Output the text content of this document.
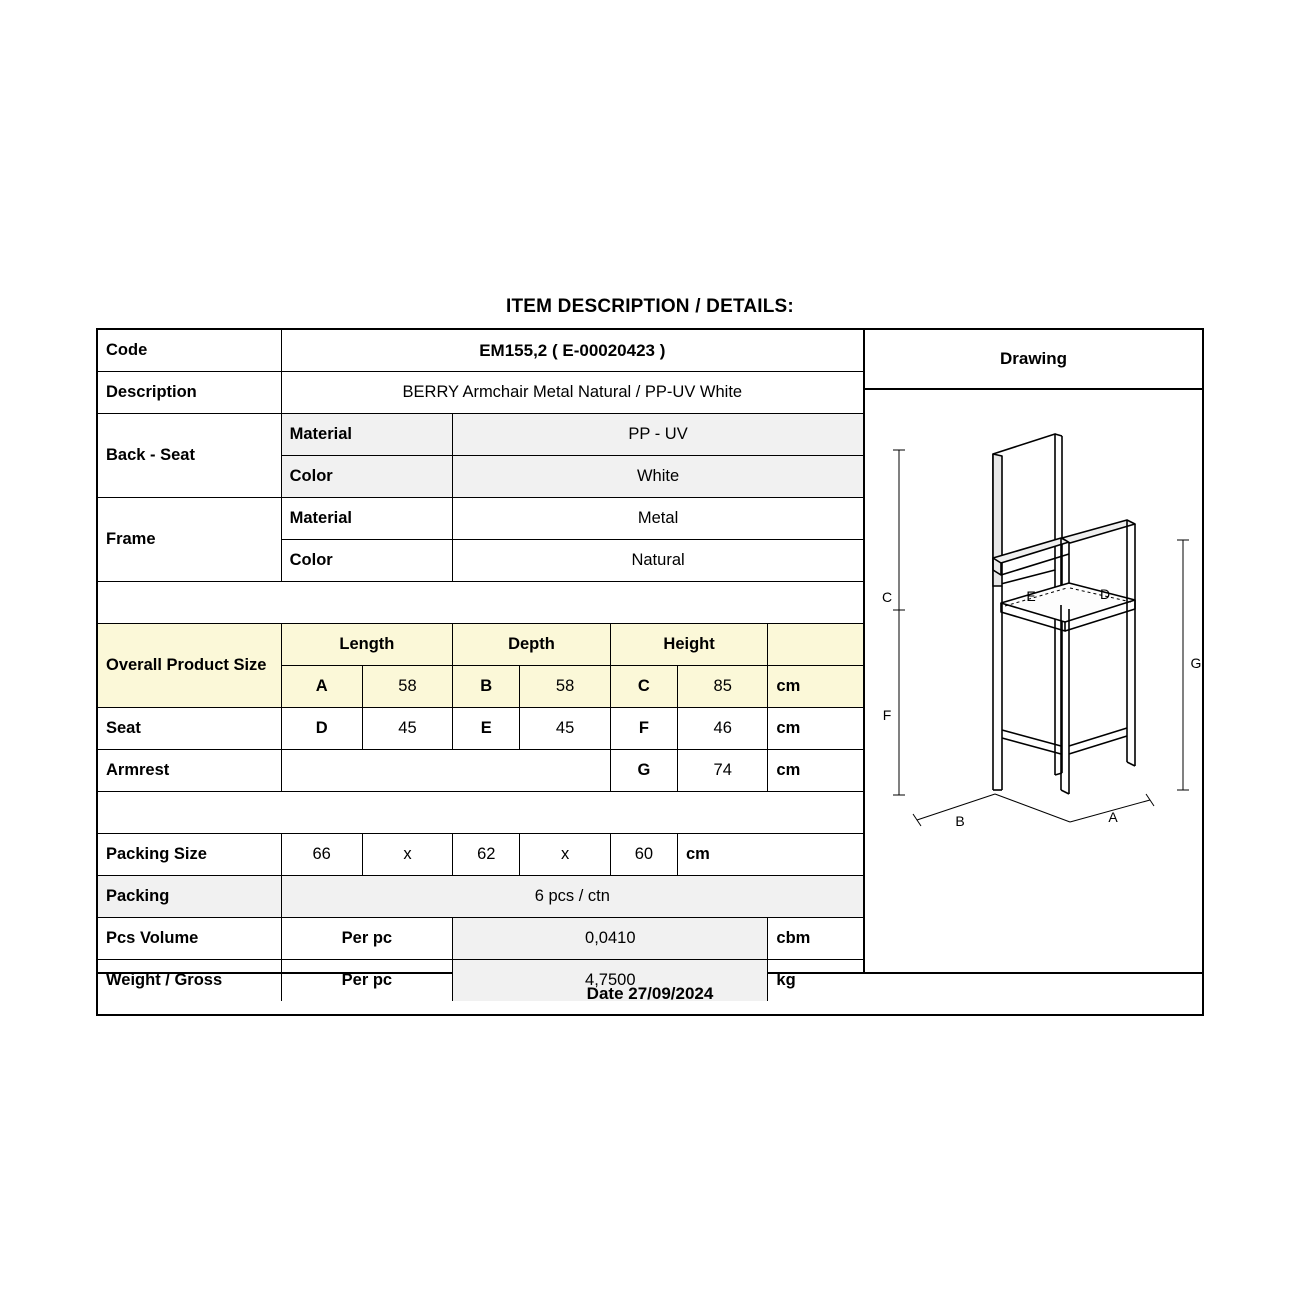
ITEM DESCRIPTION / DETAILS:
Code	EM155,2 ( E-00020423 )						
Description	BERRY Armchair Metal Natural / PP-UV White						
Back - Seat	Material		PP - UV				
	Color		White				
Frame	Material		Metal				
	Color		Natural				

Overall Product Size	Length		Depth		Height		
	A	58	B	58	C	85	cm
Seat	D	45	E	45	F	46	cm
Armrest					G	74	cm

Packing Size	66	x	62	x	60	cm	
Packing	6 pcs / ctn						
Pcs Volume	Per pc		0,0410				cbm
Weight / Gross	Per pc		4,7500				kg
Drawing
C
F
E	D
G
B	A
